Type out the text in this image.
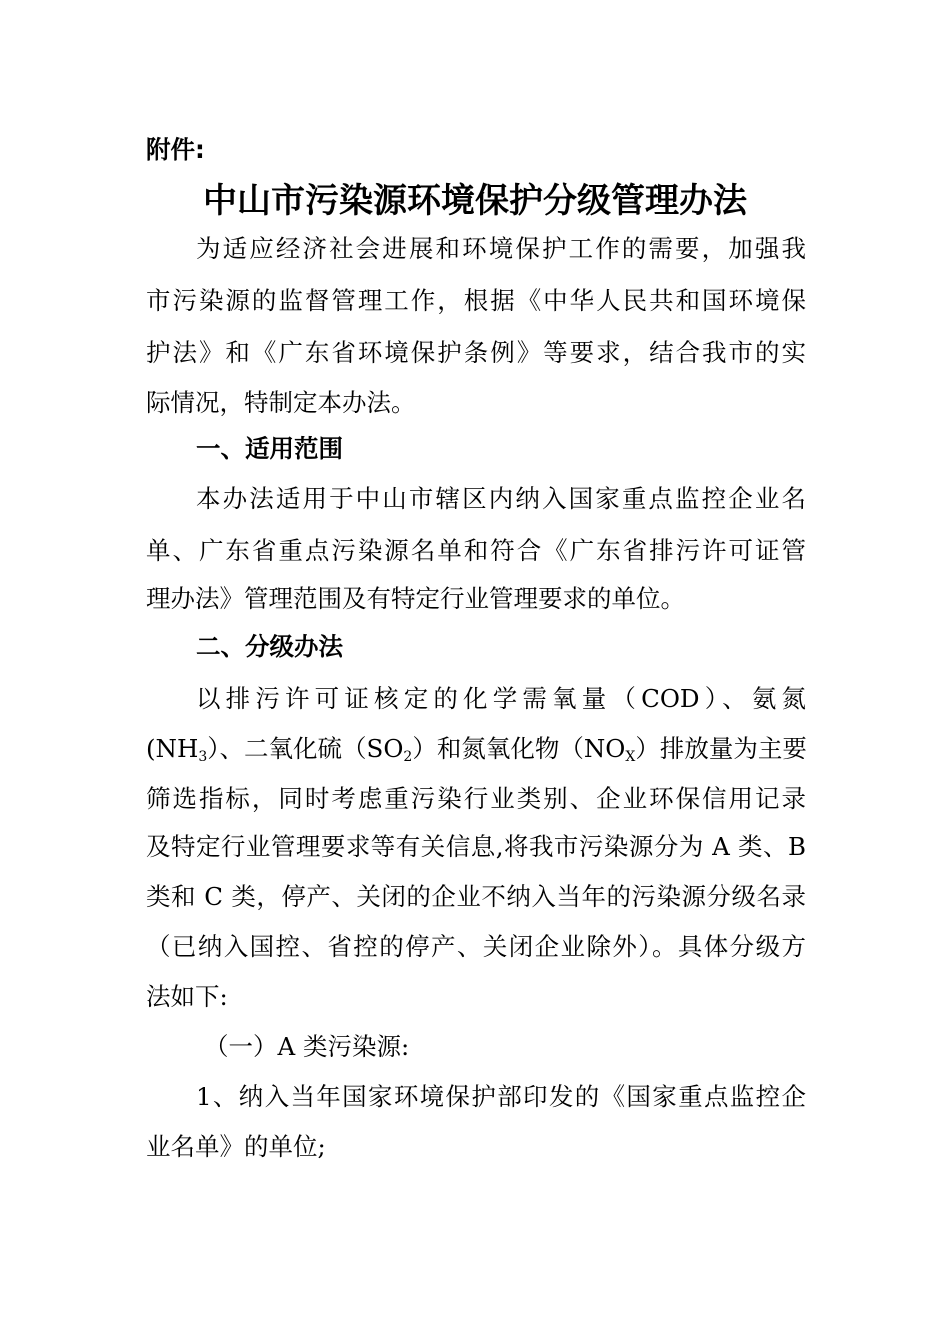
附件:
中山市污染源环境保护分级管理办法
为适应经济社会进展和环境保护工作的需要，加强我
市污染源的监督管理工作，根据《中华人民共和国环境保
护法》和《广东省环境保护条例》等要求，结合我市的实
际情况，特制定本办法。
一、适用范围
本办法适用于中山市辖区内纳入国家重点监控企业名
单、广东省重点污染源名单和符合《广东省排污许可证管
理办法》管理范围及有特定行业管理要求的单位。
二、分级办法
以排污许可证核定的化学需氧量（COD）、氨氮
$(NH_3)$、二氧化硫$(SO_2)$和氮氧化物$(NO_X)$排放量为主要
筛选指标，同时考虑重污染行业类别、企业环保信用记录
及特定行业管理要求等有关信息,将我市污染源分为 A 类、B
类和 C 类，停产、关闭的企业不纳入当年的污染源分级名录
（已纳入国控、省控的停产、关闭企业除外）。具体分级方
法如下:
（一）A 类污染源:
1、纳入当年国家环境保护部印发的《国家重点监控企
业名单》的单位;
